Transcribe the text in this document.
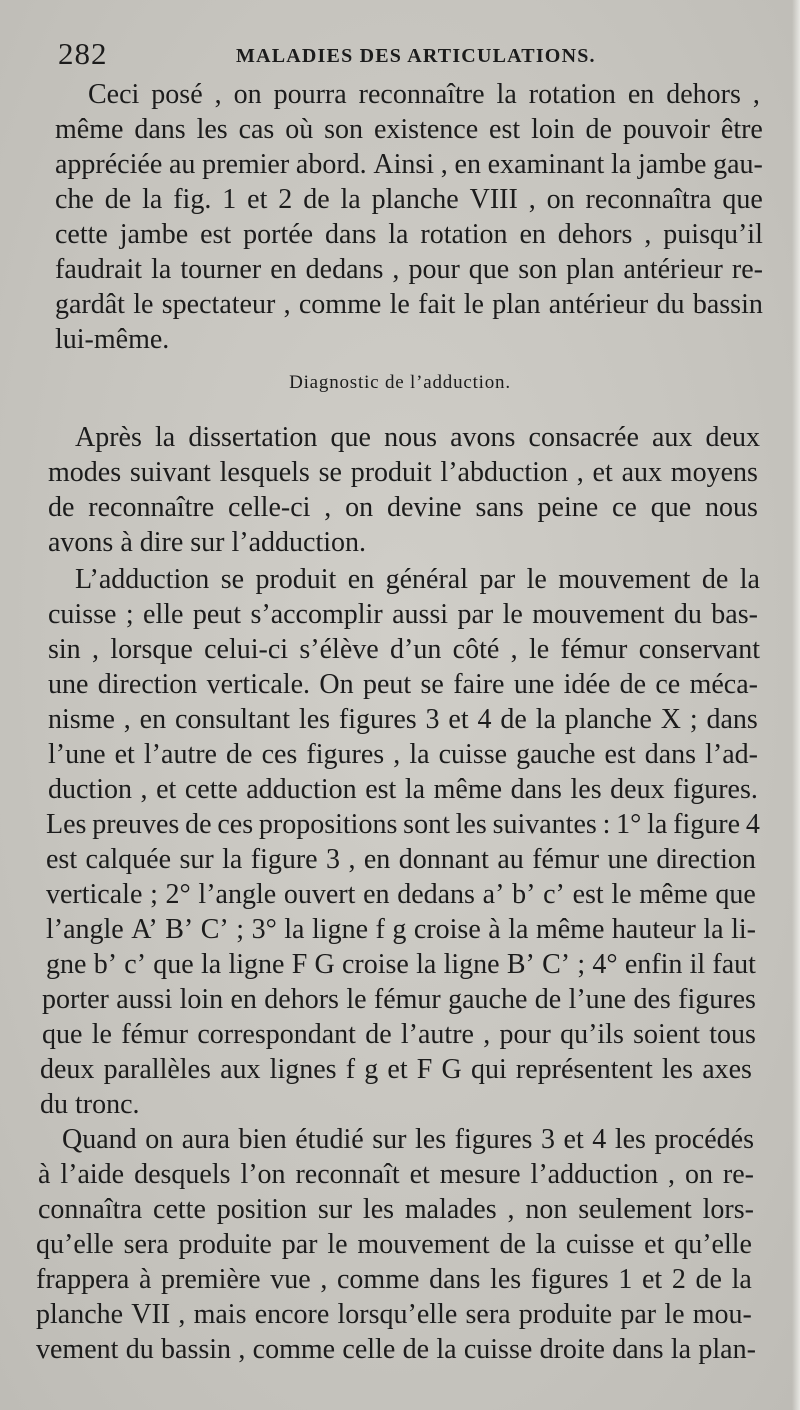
282	MALADIES DES ARTICULATIONS.
Diagnostic de l’adduction.
Ceci posé , on pourra reconnaître la rotation en dehors ,
même dans les cas où son existence est loin de pouvoir être
appréciée au premier abord. Ainsi , en examinant la jambe gau-
che de la fig. 1 et 2 de la planche VIII , on reconnaîtra que
cette jambe est portée dans la rotation en dehors , puisqu’il
faudrait la tourner en dedans , pour que son plan antérieur re-
gardât le spectateur , comme le fait le plan antérieur du bassin
lui-même.
Après la dissertation que nous avons consacrée aux deux
modes suivant lesquels se produit l’abduction , et aux moyens
de reconnaître celle-ci , on devine sans peine ce que nous
avons à dire sur l’adduction.
L’adduction se produit en général par le mouvement de la
cuisse ; elle peut s’accomplir aussi par le mouvement du bas-
sin , lorsque celui-ci s’élève d’un côté , le fémur conservant
une direction verticale. On peut se faire une idée de ce méca-
nisme , en consultant les figures 3 et 4 de la planche X ; dans
l’une et l’autre de ces figures , la cuisse gauche est dans l’ad-
duction , et cette adduction est la même dans les deux figures.
Les preuves de ces propositions sont les suivantes : 1° la figure 4
est calquée sur la figure 3 , en donnant au fémur une direction
verticale ; 2° l’angle ouvert en dedans a’ b’ c’ est le même que
l’angle A’ B’ C’ ; 3° la ligne f g croise à la même hauteur la li-
gne b’ c’ que la ligne F G croise la ligne B’ C’ ; 4° enfin il faut
porter aussi loin en dehors le fémur gauche de l’une des figures
que le fémur correspondant de l’autre , pour qu’ils soient tous
deux parallèles aux lignes f g et F G qui représentent les axes
du tronc.
Quand on aura bien étudié sur les figures 3 et 4 les procédés
à l’aide desquels l’on reconnaît et mesure l’adduction , on re-
connaîtra cette position sur les malades , non seulement lors-
qu’elle sera produite par le mouvement de la cuisse et qu’elle
frappera à première vue , comme dans les figures 1 et 2 de la
planche VII , mais encore lorsqu’elle sera produite par le mou-
vement du bassin , comme celle de la cuisse droite dans la plan-
